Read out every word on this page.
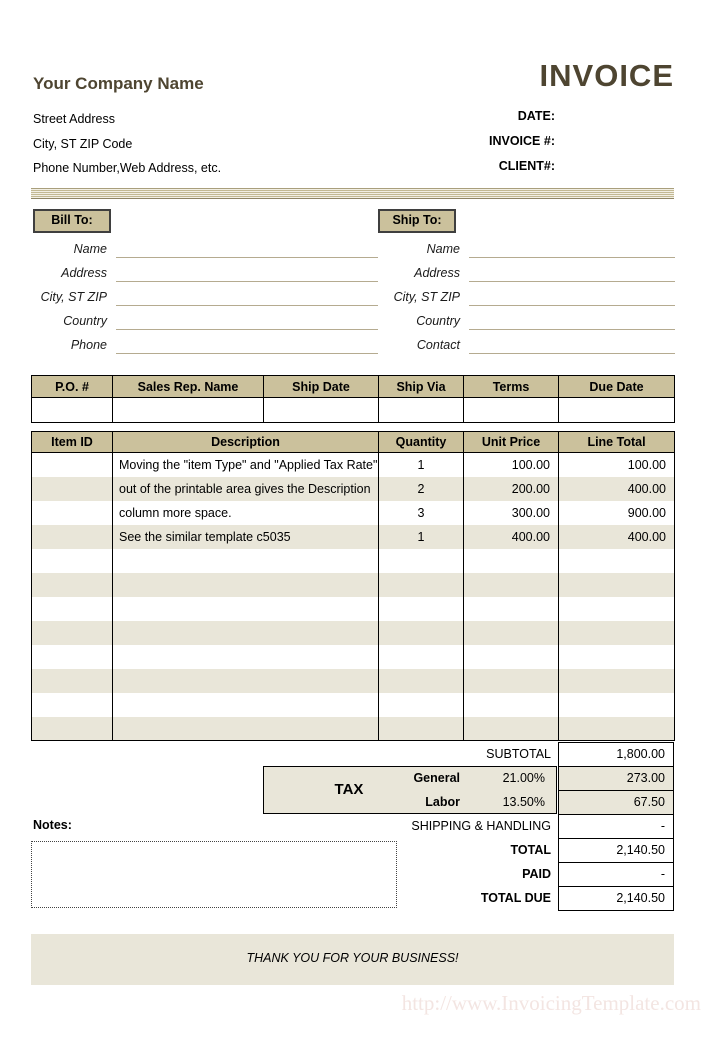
Your Company Name	INVOICE
Street Address
City, ST ZIP Code
Phone Number,Web Address, etc.
DATE:
INVOICE #:
CLIENT#:
Bill To:
Name
Address
City, ST ZIP
Country
Phone
Ship To:
Name
Address
City, ST ZIP
Country
Contact
P.O. #	Sales Rep. Name	Ship Date	Ship Via	Terms	Due Date

Item ID	Description	Quantity	Unit Price	Line Total
	Moving the "item Type" and "Applied Tax Rate"	1	100.00	100.00
	out of the printable area gives the Description	2	200.00	400.00
	column more space.	3	300.00	900.00
	See the similar template c5035	1	400.00	400.00

TAX
SUBTOTAL	1,800.00
General	21.00%	273.00
Labor	13.50%	67.50
SHIPPING & HANDLING	-
TOTAL	2,140.50
PAID	-
TOTAL DUE	2,140.50
Notes:
THANK YOU FOR YOUR BUSINESS!
http://www.InvoicingTemplate.com
